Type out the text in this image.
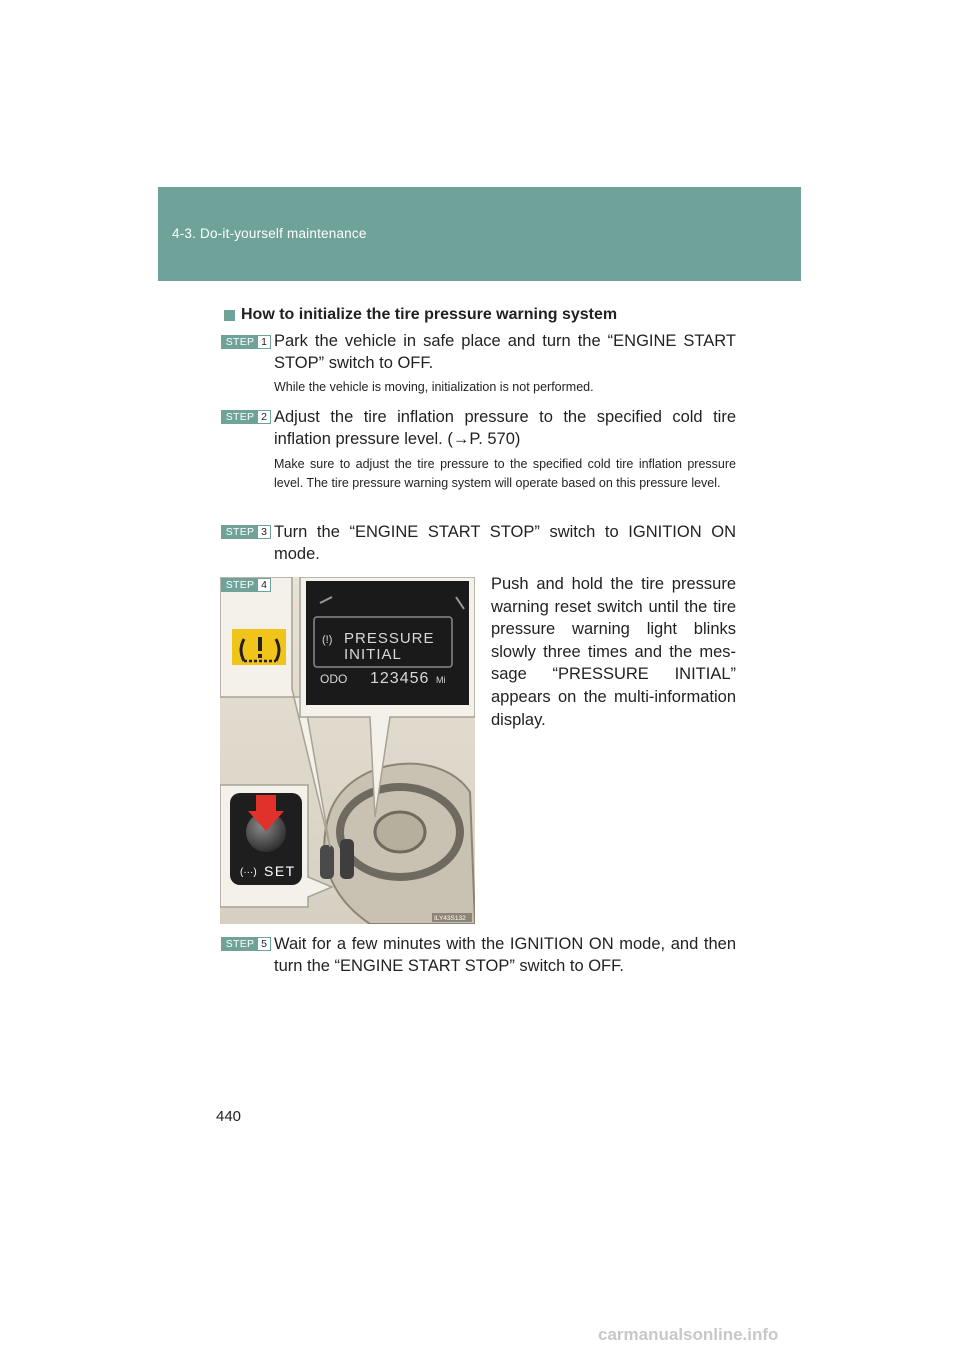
4-3. Do-it-yourself maintenance
How to initialize the tire pressure warning system
STEP 1 Park the vehicle in safe place and turn the “ENGINE START STOP” switch to OFF.
While the vehicle is moving, initialization is not performed.
STEP 2 Adjust the tire inflation pressure to the specified cold tire inflation pressure level. (→P. 570)
Make sure to adjust the tire pressure to the specified cold tire inflation pressure level. The tire pressure warning system will operate based on this pressure level.
STEP 3 Turn the “ENGINE START STOP” switch to IGNITION ON mode.
STEP 4
(!) PRESSURE
INITIAL
ODO 123456 Mi
(···) SET
ILY43S132
Push and hold the tire pressure warning reset switch until the tire pressure warning light blinks slowly three times and the mes-sage “PRESSURE INITIAL” appears on the multi-information display.
STEP 5 Wait for a few minutes with the IGNITION ON mode, and then turn the “ENGINE START STOP” switch to OFF.
440
carmanualsonline.info
